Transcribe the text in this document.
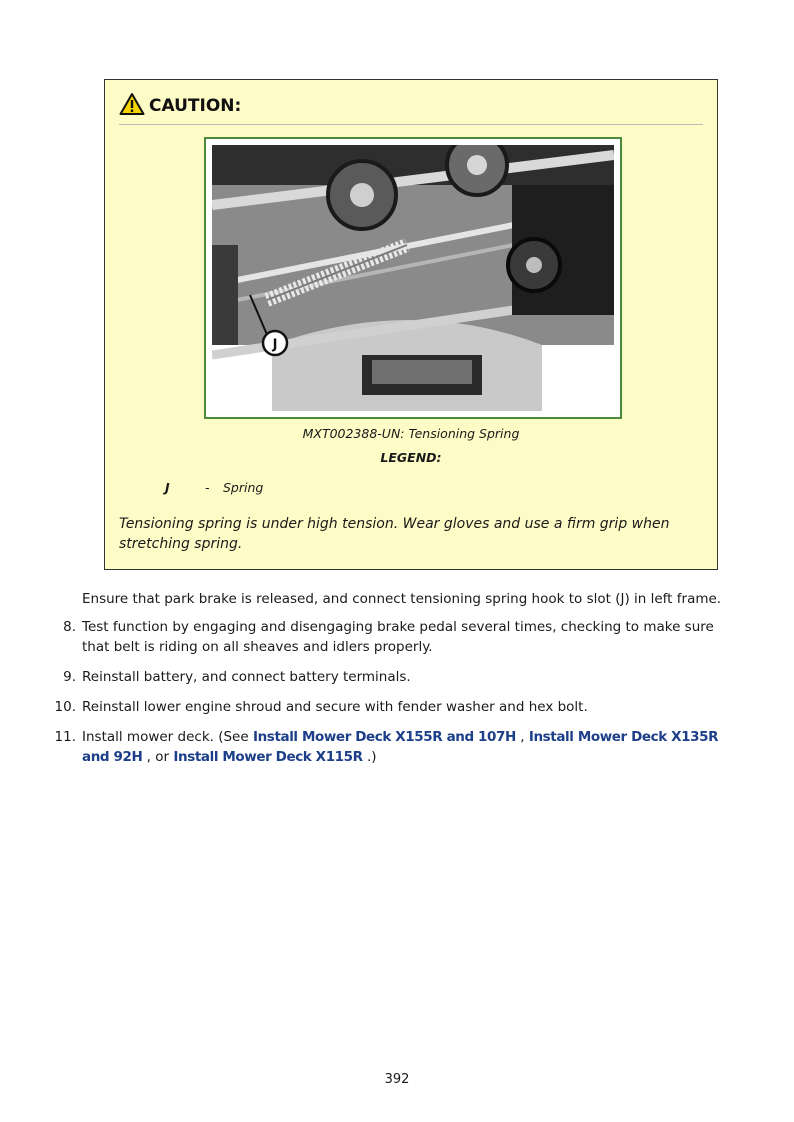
CAUTION:
J
MXT002388-UN: Tensioning Spring
LEGEND:
J	- Spring
Tensioning spring is under high tension. Wear gloves and use a firm grip when stretching spring.
Ensure that park brake is released, and connect tensioning spring hook to slot (J) in left frame.
8. Test function by engaging and disengaging brake pedal several times, checking to make sure that belt is riding on all sheaves and idlers properly.
9. Reinstall battery, and connect battery terminals.
10. Reinstall lower engine shroud and secure with fender washer and hex bolt.
11. Install mower deck. (See Install Mower Deck X155R and 107H , Install Mower Deck X135R and 92H , or Install Mower Deck X115R .)
392
